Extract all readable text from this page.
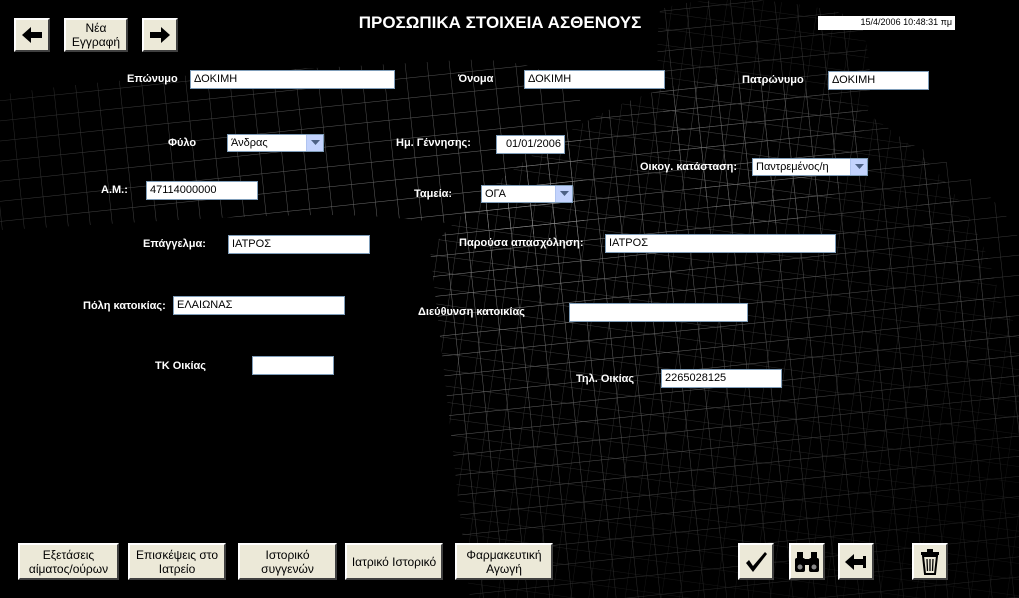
Νέα Εγγραφή
ΠΡΟΣΩΠΙΚΑ ΣΤΟΙΧΕΙΑ ΑΣΘΕΝΟΥΣ	15/4/2006 10:48:31 πμ
Επώνυμο	ΔΟΚΙΜΗ	Όνομα	ΔΟΚΙΜΗ	Πατρώνυμο	ΔΟΚΙΜΗ
Φύλο	Άνδρας	Ημ. Γέννησης:	01/01/2006
Οικογ. κατάσταση: Παντρεμένος/η
Α.Μ.:	47114000000	Ταμεία:	ΟΓΑ
Επάγγελμα:	ΙΑΤΡΟΣ	Παρούσα απασχόληση:	ΙΑΤΡΟΣ
Πόλη κατοικίας:	ΕΛΑΙΩΝΑΣ
Διεύθυνση κατοικίας
ΤΚ Οικίας
Τηλ. Οικίας	2265028125
Εξετάσεις αίματος/ούρων
Επισκέψεις στο Ιατρείο
Ιστορικό συγγενών	Ιατρικό Ιστορικό	Φαρμακευτική Αγωγή
